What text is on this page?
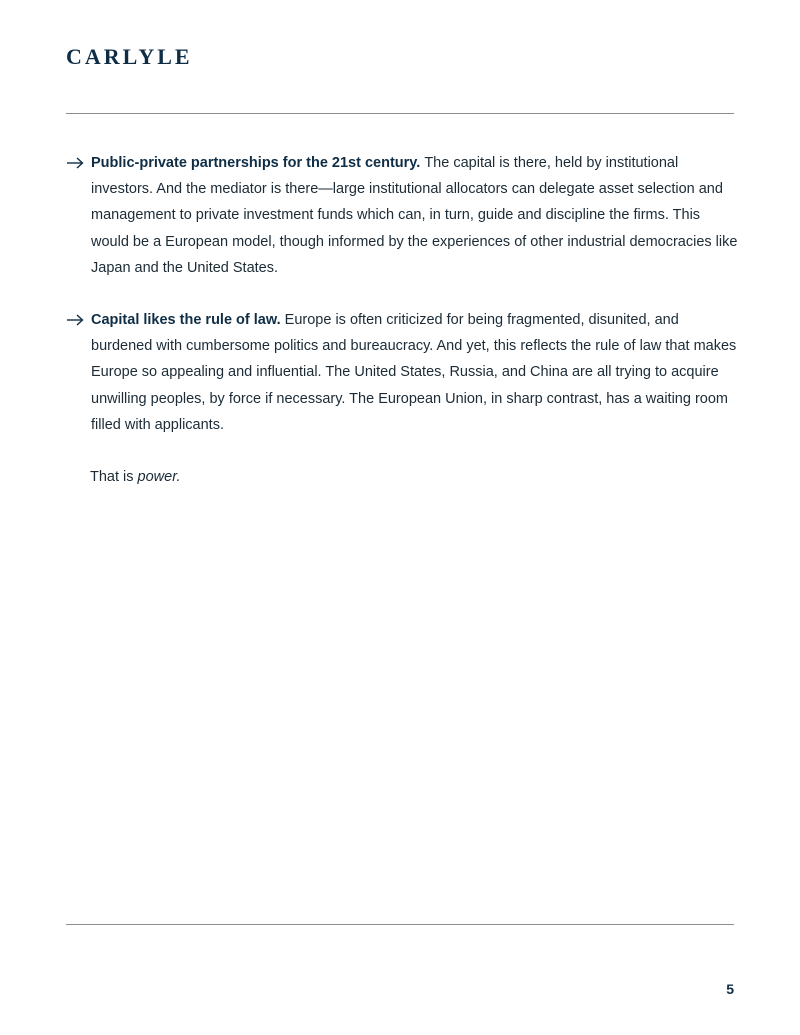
CARLYLE
Public-private partnerships for the 21st century. The capital is there, held by institutional investors. And the mediator is there—large institutional allocators can delegate asset selection and management to private investment funds which can, in turn, guide and discipline the firms. This would be a European model, though informed by the experiences of other industrial democracies like Japan and the United States.
Capital likes the rule of law. Europe is often criticized for being fragmented, disunited, and burdened with cumbersome politics and bureaucracy. And yet, this reflects the rule of law that makes Europe so appealing and influential. The United States, Russia, and China are all trying to acquire unwilling peoples, by force if necessary. The European Union, in sharp contrast, has a waiting room filled with applicants.
That is power.
5
